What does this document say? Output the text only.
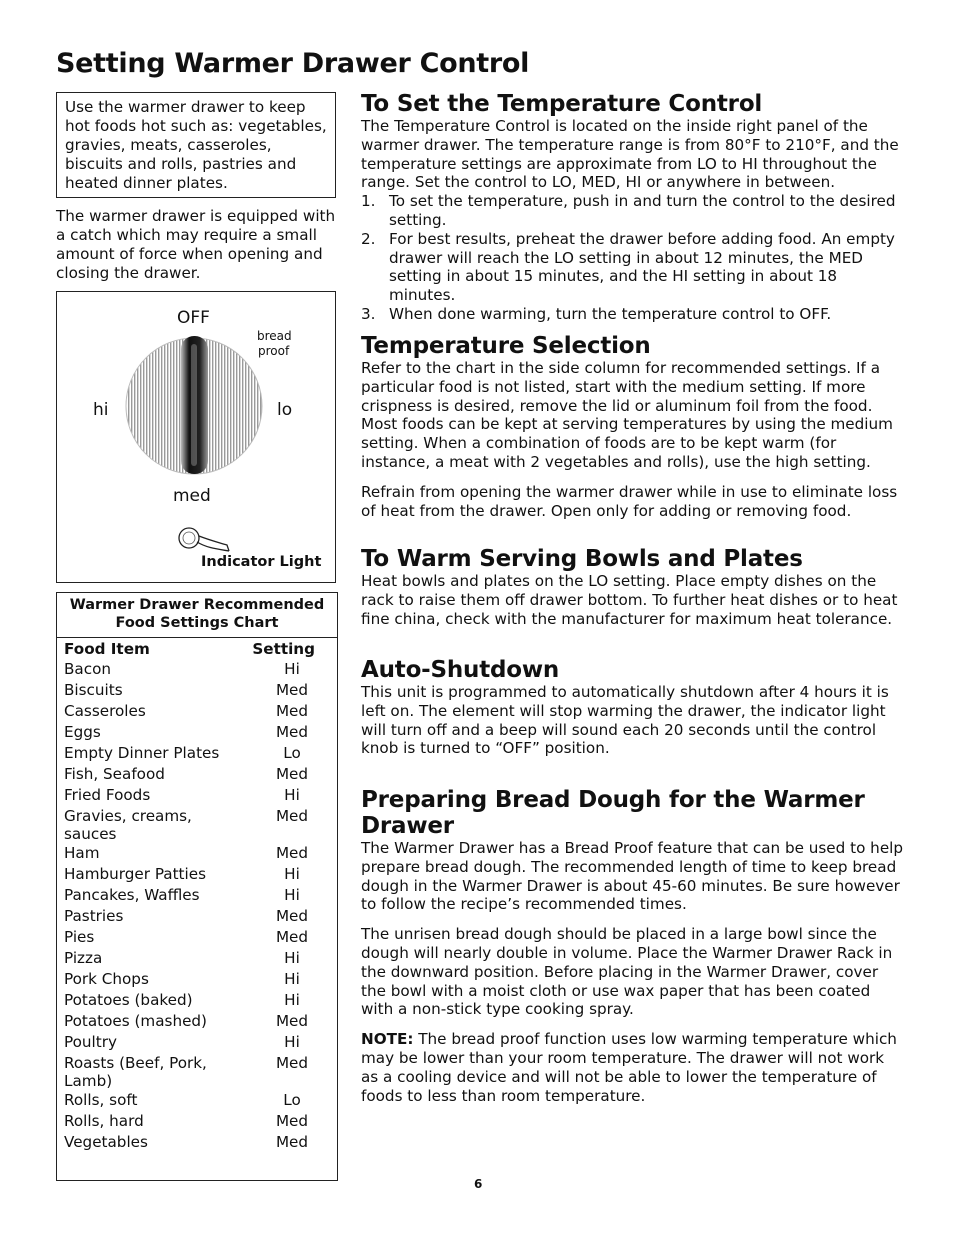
Setting Warmer Drawer Control
Use the warmer drawer to keep hot foods hot such as: vegetables, gravies, meats, casseroles, biscuits and rolls, pastries and heated dinner plates.
The warmer drawer is equipped with a catch which may require a small amount of force when opening and closing the drawer.
OFF
bread
proof
hi	lo
med
Indicator Light
Warmer Drawer Recommended
Food Settings Chart
Food Item	Setting
Bacon	Hi
Biscuits	Med
Casseroles	Med
Eggs	Med
Empty Dinner Plates	Lo
Fish, Seafood	Med
Fried Foods	Hi
Gravies, creams, sauces	Med
Ham	Med
Hamburger Patties	Hi
Pancakes, Waffles	Hi
Pastries	Med
Pies	Med
Pizza	Hi
Pork Chops	Hi
Potatoes (baked)	Hi
Potatoes (mashed)	Med
Poultry	Hi
Roasts (Beef, Pork, Lamb)	Med
Rolls, soft	Lo
Rolls, hard	Med
Vegetables	Med
To Set the Temperature Control

The Temperature Control is located on the inside right panel of the warmer drawer. The temperature range is from 80°F to 210°F, and the temperature settings are approximate from LO to HI throughout the range. Set the control to LO, MED, HI or anywhere in between.

1. To set the temperature, push in and turn the control to the desired setting.
2. For best results, preheat the drawer before adding food. An empty drawer will reach the LO setting in about 12 minutes, the MED setting in about 15 minutes, and the HI setting in about 18 minutes.
3. When done warming, turn the temperature control to OFF.
Temperature Selection

Refer to the chart in the side column for recommended settings. If a particular food is not listed, start with the medium setting. If more crispness is desired, remove the lid or aluminum foil from the food. Most foods can be kept at serving temperatures by using the medium setting. When a combination of foods are to be kept warm (for instance, a meat with 2 vegetables and rolls), use the high setting.

Refrain from opening the warmer drawer while in use to eliminate loss of heat from the drawer. Open only for adding or removing food.

To Warm Serving Bowls and Plates

Heat bowls and plates on the LO setting. Place empty dishes on the rack to raise them off drawer bottom. To further heat dishes or to heat fine china, check with the manufacturer for maximum heat tolerance.

Auto-Shutdown

This unit is programmed to automatically shutdown after 4 hours it is left on. The element will stop warming the drawer, the indicator light will turn off and a beep will sound each 20 seconds until the control knob is turned to “OFF” position.

Preparing Bread Dough for the Warmer Drawer

The Warmer Drawer has a Bread Proof feature that can be used to help prepare bread dough. The recommended length of time to keep bread dough in the Warmer Drawer is about 45-60 minutes. Be sure however to follow the recipe’s recommended times.

The unrisen bread dough should be placed in a large bowl since the dough will nearly double in volume. Place the Warmer Drawer Rack in the downward position. Before placing in the Warmer Drawer, cover the bowl with a moist cloth or use wax paper that has been coated with a non-stick type cooking spray.

NOTE: The bread proof function uses low warming temperature which may be lower than your room temperature. The drawer will not work as a cooling device and will not be able to lower the temperature of foods to less than room temperature.

6
